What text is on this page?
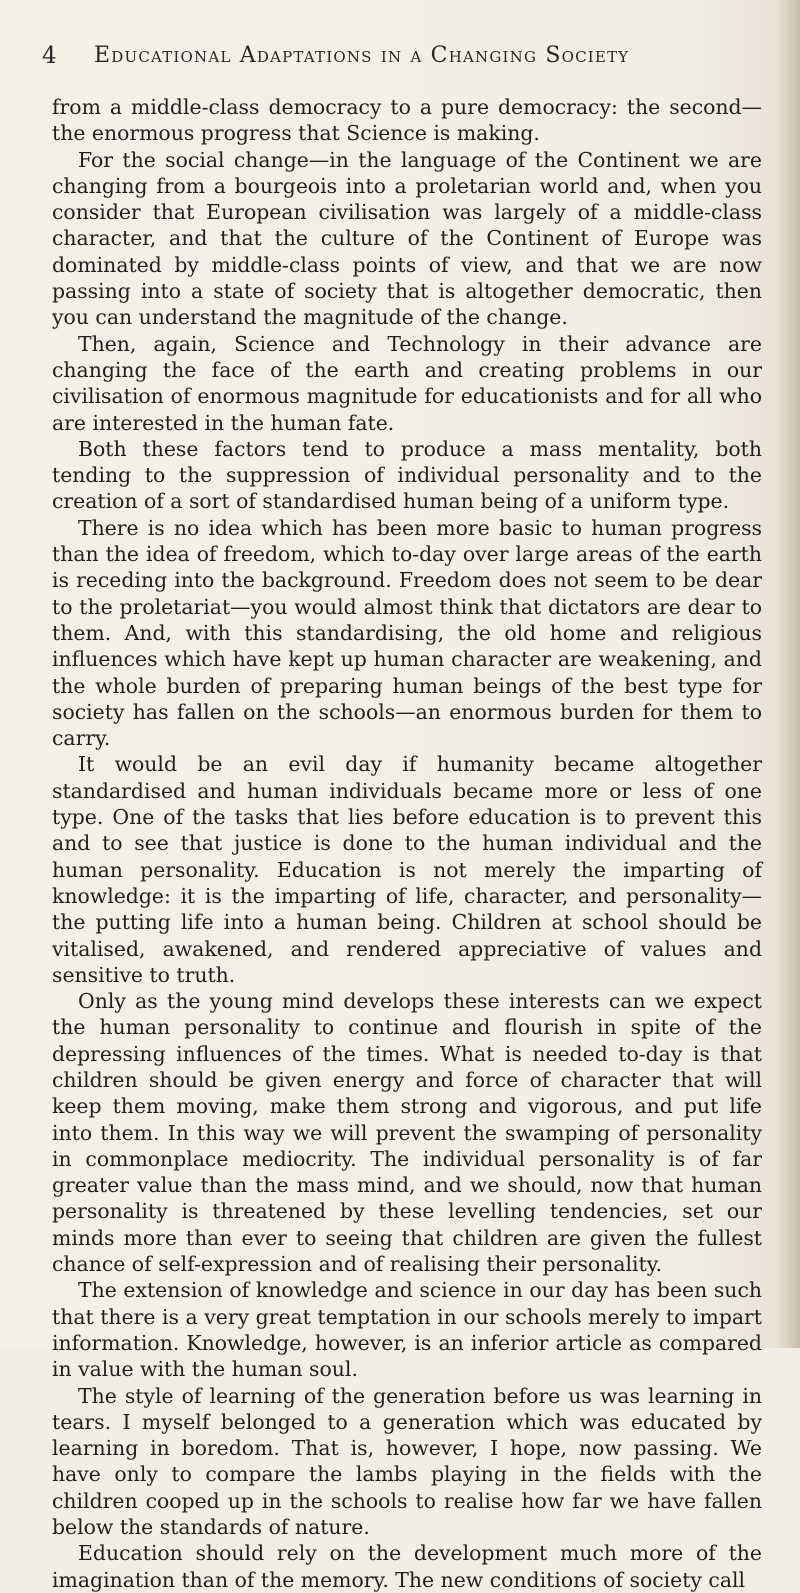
4 Educational Adaptations in a Changing Society

from a middle-class democracy to a pure democracy: the second—the enormous progress that Science is making.

For the social change—in the language of the Continent we are changing from a bourgeois into a proletarian world and, when you consider that European civilisation was largely of a middle-class character, and that the culture of the Continent of Europe was dominated by middle-class points of view, and that we are now passing into a state of society that is altogether democratic, then you can understand the magnitude of the change.

Then, again, Science and Technology in their advance are changing the face of the earth and creating problems in our civilisation of enormous magnitude for educationists and for all who are interested in the human fate.

Both these factors tend to produce a mass mentality, both tending to the suppression of individual personality and to the creation of a sort of standardised human being of a uniform type.

There is no idea which has been more basic to human progress than the idea of freedom, which to-day over large areas of the earth is receding into the background. Freedom does not seem to be dear to the proletariat—you would almost think that dictators are dear to them. And, with this standardising, the old home and religious influences which have kept up human character are weakening, and the whole burden of preparing human beings of the best type for society has fallen on the schools—an enormous burden for them to carry.

It would be an evil day if humanity became altogether standardised and human individuals became more or less of one type. One of the tasks that lies before education is to prevent this and to see that justice is done to the human individual and the human personality. Education is not merely the imparting of knowledge: it is the imparting of life, character, and personality—the putting life into a human being. Children at school should be vitalised, awakened, and rendered appreciative of values and sensitive to truth.

Only as the young mind develops these interests can we expect the human personality to continue and flourish in spite of the depressing influences of the times. What is needed to-day is that children should be given energy and force of character that will keep them moving, make them strong and vigorous, and put life into them. In this way we will prevent the swamping of personality in commonplace mediocrity. The individual personality is of far greater value than the mass mind, and we should, now that human personality is threatened by these levelling tendencies, set our minds more than ever to seeing that children are given the fullest chance of self-expression and of realising their personality.

The extension of knowledge and science in our day has been such that there is a very great temptation in our schools merely to impart information. Knowledge, however, is an inferior article as compared in value with the human soul.

The style of learning of the generation before us was learning in tears. I myself belonged to a generation which was educated by learning in boredom. That is, however, I hope, now passing. We have only to compare the lambs playing in the fields with the children cooped up in the schools to realise how far we have fallen below the standards of nature.

Education should rely on the development much more of the imagination than of the memory. The new conditions of society call
